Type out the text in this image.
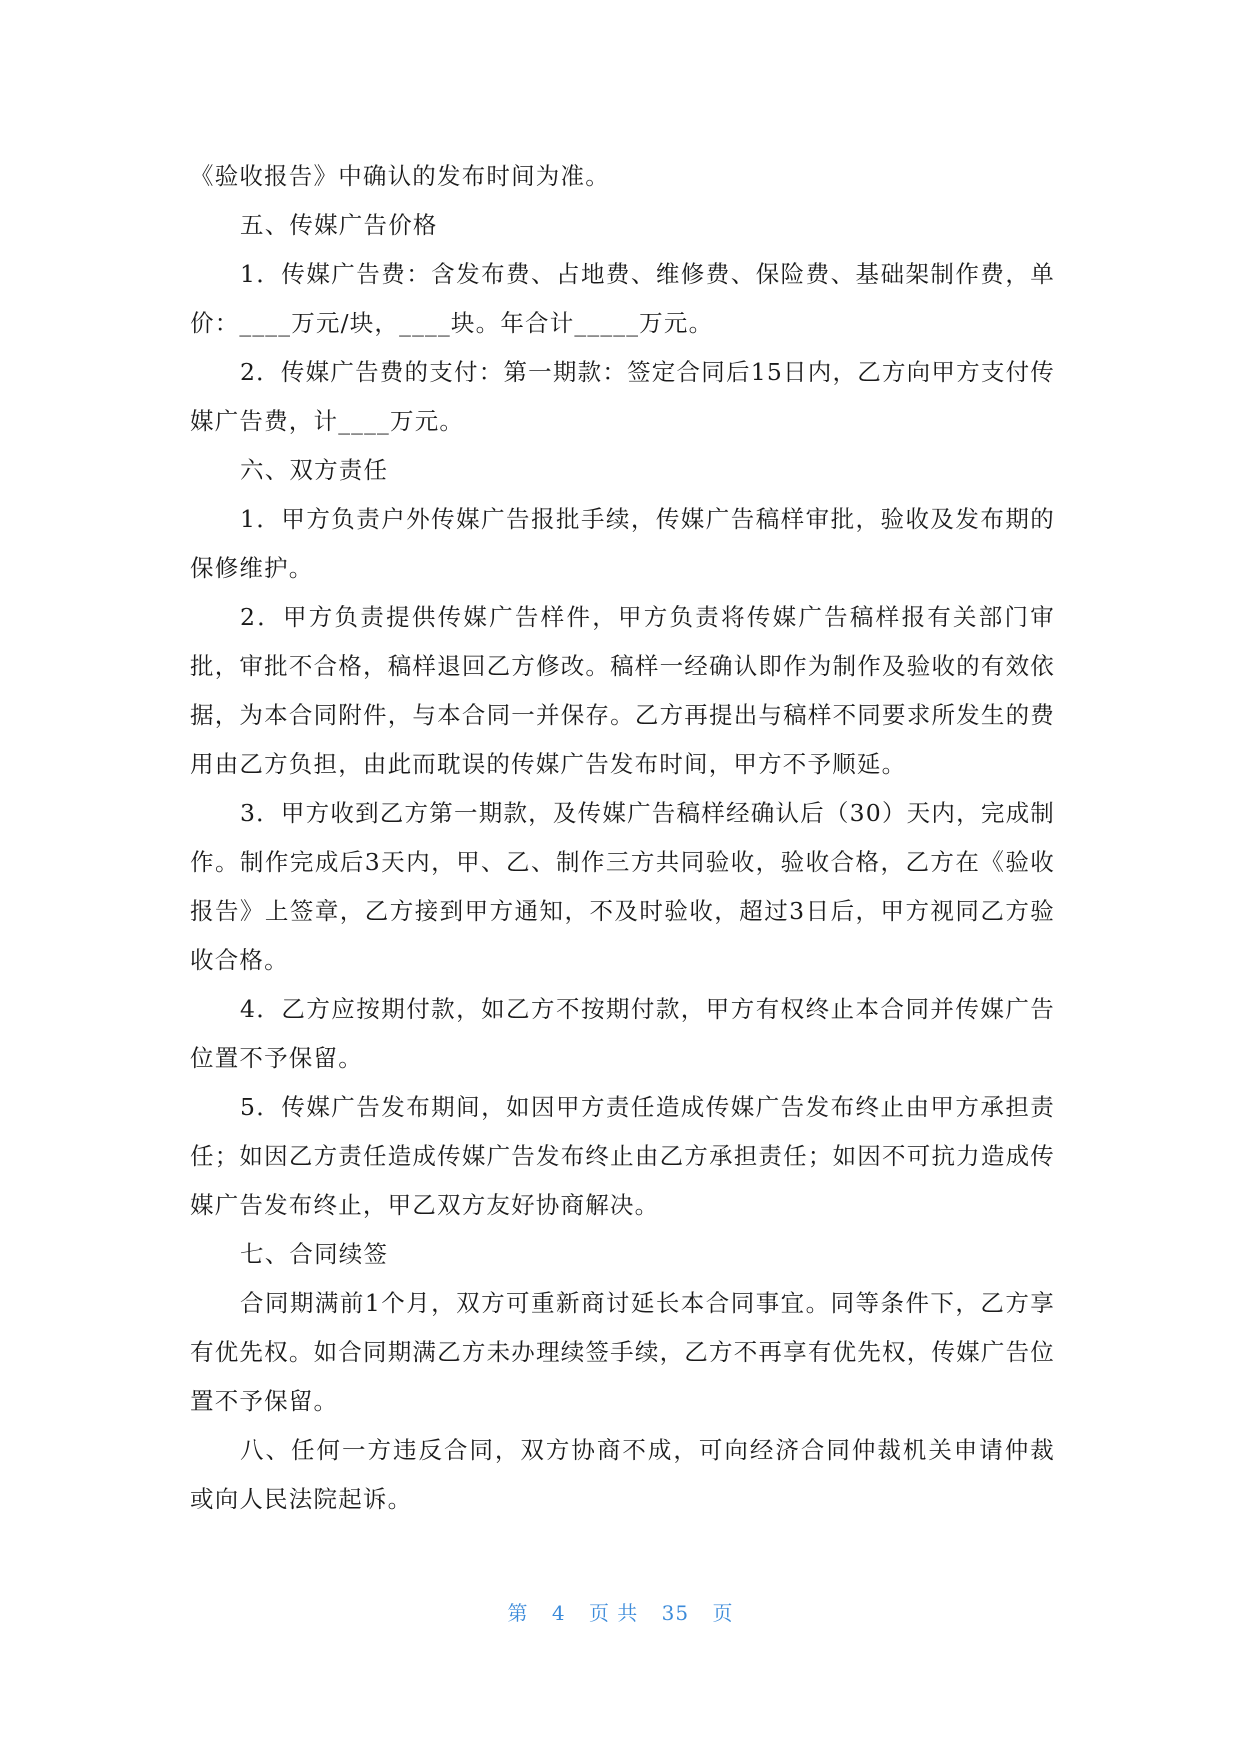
《验收报告》中确认的发布时间为准。

五、传媒广告价格

1．传媒广告费：含发布费、占地费、维修费、保险费、基础架制作费，单价：____万元/块，____块。年合计_____万元。

2．传媒广告费的支付：第一期款：签定合同后15日内，乙方向甲方支付传媒广告费，计____万元。

六、双方责任

1．甲方负责户外传媒广告报批手续，传媒广告稿样审批，验收及发布期的保修维护。

2．甲方负责提供传媒广告样件，甲方负责将传媒广告稿样报有关部门审批，审批不合格，稿样退回乙方修改。稿样一经确认即作为制作及验收的有效依据，为本合同附件，与本合同一并保存。乙方再提出与稿样不同要求所发生的费用由乙方负担，由此而耽误的传媒广告发布时间，甲方不予顺延。

3．甲方收到乙方第一期款，及传媒广告稿样经确认后（30）天内，完成制作。制作完成后3天内，甲、乙、制作三方共同验收，验收合格，乙方在《验收报告》上签章，乙方接到甲方通知，不及时验收，超过3日后，甲方视同乙方验收合格。

4．乙方应按期付款，如乙方不按期付款，甲方有权终止本合同并传媒广告位置不予保留。

5．传媒广告发布期间，如因甲方责任造成传媒广告发布终止由甲方承担责任；如因乙方责任造成传媒广告发布终止由乙方承担责任；如因不可抗力造成传媒广告发布终止，甲乙双方友好协商解决。

七、合同续签

合同期满前1个月，双方可重新商讨延长本合同事宜。同等条件下，乙方享有优先权。如合同期满乙方未办理续签手续，乙方不再享有优先权，传媒广告位置不予保留。

八、任何一方违反合同，双方协商不成，可向经济合同仲裁机关申请仲裁或向人民法院起诉。

第 4 页 共 35 页
